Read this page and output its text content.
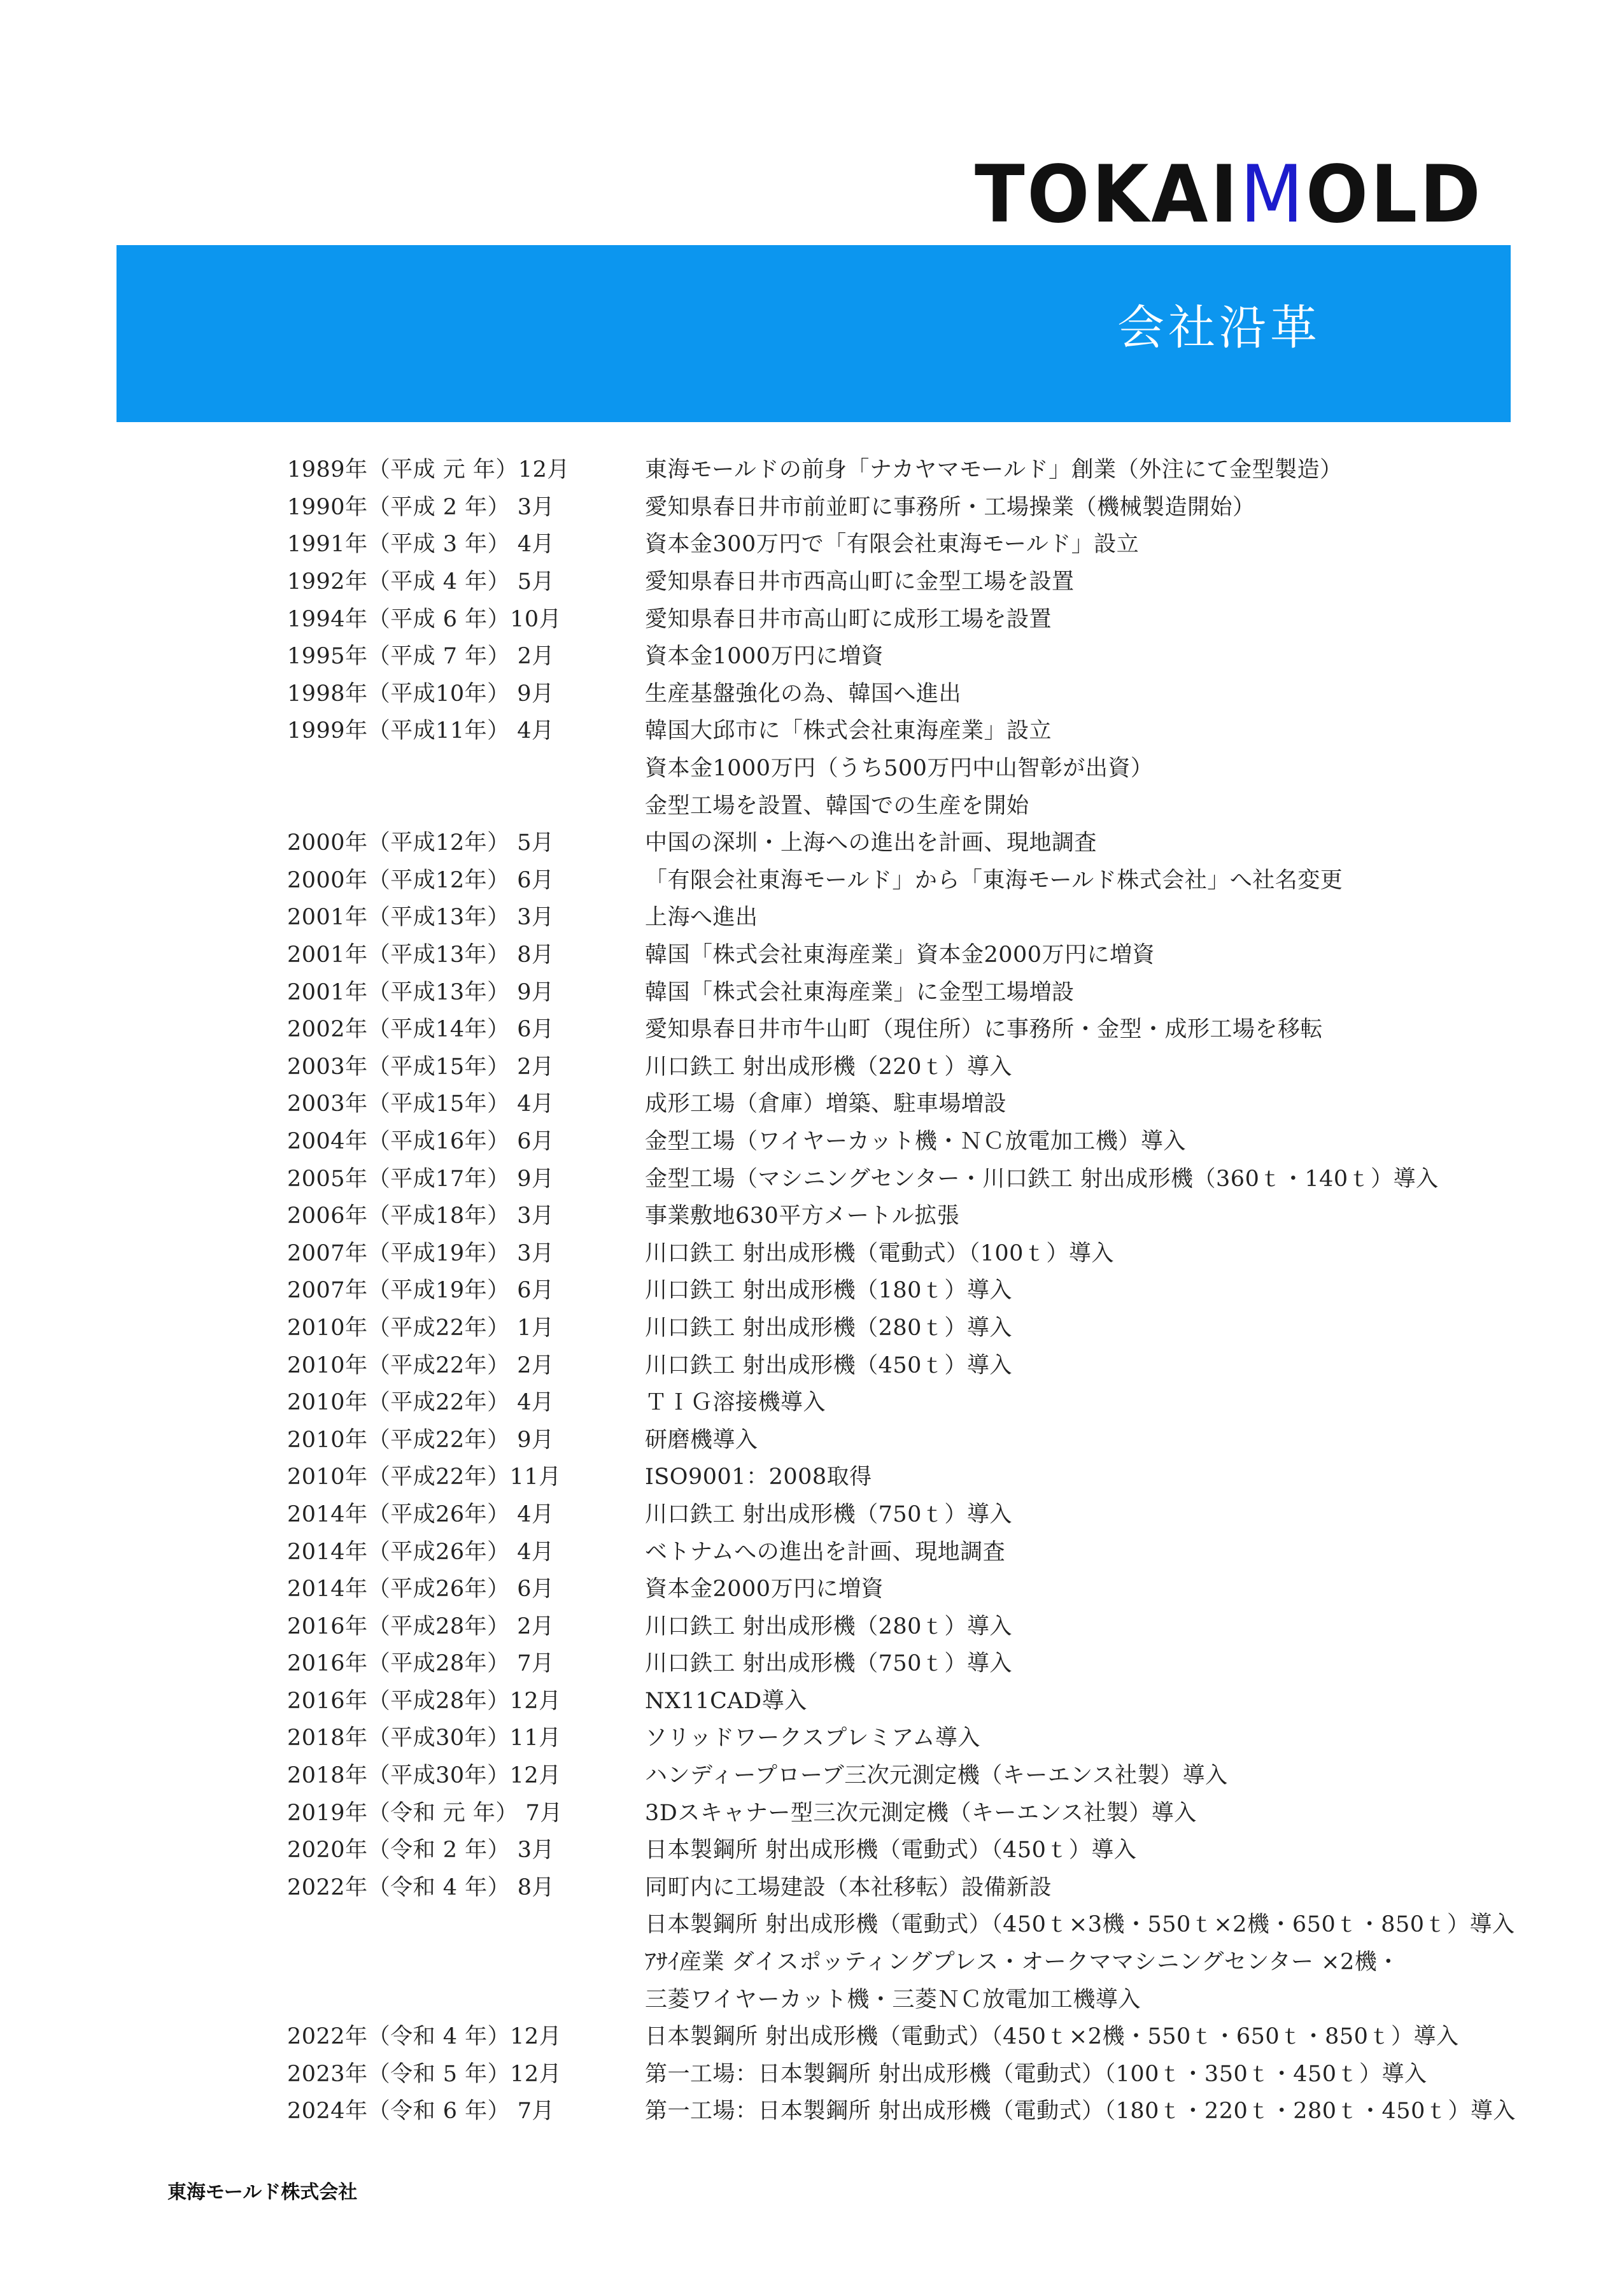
TOKAIMOLD
会社沿革
1989年（平成 元 年）12月	東海モールドの前身「ナカヤマモールド」創業（外注にて金型製造）
1990年（平成 2 年） 3月	愛知県春日井市前並町に事務所・工場操業（機械製造開始）
1991年（平成 3 年） 4月	資本金300万円で「有限会社東海モールド」設立
1992年（平成 4 年） 5月	愛知県春日井市西高山町に金型工場を設置
1994年（平成 6 年）10月	愛知県春日井市高山町に成形工場を設置
1995年（平成 7 年） 2月	資本金1000万円に増資
1998年（平成10年） 9月	生産基盤強化の為、韓国へ進出
1999年（平成11年） 4月	韓国大邱市に「株式会社東海産業」設立
資本金1000万円（うち500万円中山智彰が出資）
金型工場を設置、韓国での生産を開始
2000年（平成12年） 5月	中国の深圳・上海への進出を計画、現地調査
2000年（平成12年） 6月	「有限会社東海モールド」から「東海モールド株式会社」へ社名変更
2001年（平成13年） 3月	上海へ進出
2001年（平成13年） 8月	韓国「株式会社東海産業」資本金2000万円に増資
2001年（平成13年） 9月	韓国「株式会社東海産業」に金型工場増設
2002年（平成14年） 6月	愛知県春日井市牛山町（現住所）に事務所・金型・成形工場を移転
2003年（平成15年） 2月	川口鉄工 射出成形機（220ｔ）導入
2003年（平成15年） 4月	成形工場（倉庫）増築、駐車場増設
2004年（平成16年） 6月	金型工場（ワイヤーカット機・ＮＣ放電加工機）導入
2005年（平成17年） 9月	金型工場（マシニングセンター・川口鉄工 射出成形機（360ｔ・140ｔ）導入
2006年（平成18年） 3月	事業敷地630平方メートル拡張
2007年（平成19年） 3月	川口鉄工 射出成形機（電動式）（100ｔ）導入
2007年（平成19年） 6月	川口鉄工 射出成形機（180ｔ）導入
2010年（平成22年） 1月	川口鉄工 射出成形機（280ｔ）導入
2010年（平成22年） 2月	川口鉄工 射出成形機（450ｔ）導入
2010年（平成22年） 4月	ＴＩＧ溶接機導入
2010年（平成22年） 9月	研磨機導入
2010年（平成22年）11月	ISO9001：2008取得
2014年（平成26年） 4月	川口鉄工 射出成形機（750ｔ）導入
2014年（平成26年） 4月	ベトナムへの進出を計画、現地調査
2014年（平成26年） 6月	資本金2000万円に増資
2016年（平成28年） 2月	川口鉄工 射出成形機（280ｔ）導入
2016年（平成28年） 7月	川口鉄工 射出成形機（750ｔ）導入
2016年（平成28年）12月	NX11CAD導入
2018年（平成30年）11月	ソリッドワークスプレミアム導入
2018年（平成30年）12月	ハンディープローブ三次元測定機（キーエンス社製）導入
2019年（令和 元 年） 7月	3Dスキャナー型三次元測定機（キーエンス社製）導入
2020年（令和 2 年） 3月	日本製鋼所 射出成形機（電動式）（450ｔ）導入
2022年（令和 4 年） 8月	同町内に工場建設（本社移転）設備新設
日本製鋼所 射出成形機（電動式）（450ｔ×3機・550ｔ×2機・650ｔ・850ｔ）導入
ｱｻｲ産業 ダイスポッティングプレス・オークママシニングセンター ×2機・
三菱ワイヤーカット機・三菱ＮＣ放電加工機導入
2022年（令和 4 年）12月	日本製鋼所 射出成形機（電動式）（450ｔ×2機・550ｔ・650ｔ・850ｔ）導入
2023年（令和 5 年）12月	第一工場：日本製鋼所 射出成形機（電動式）（100ｔ・350ｔ・450ｔ）導入
2024年（令和 6 年） 7月	第一工場：日本製鋼所 射出成形機（電動式）（180ｔ・220ｔ・280ｔ・450ｔ）導入
東海モールド株式会社
